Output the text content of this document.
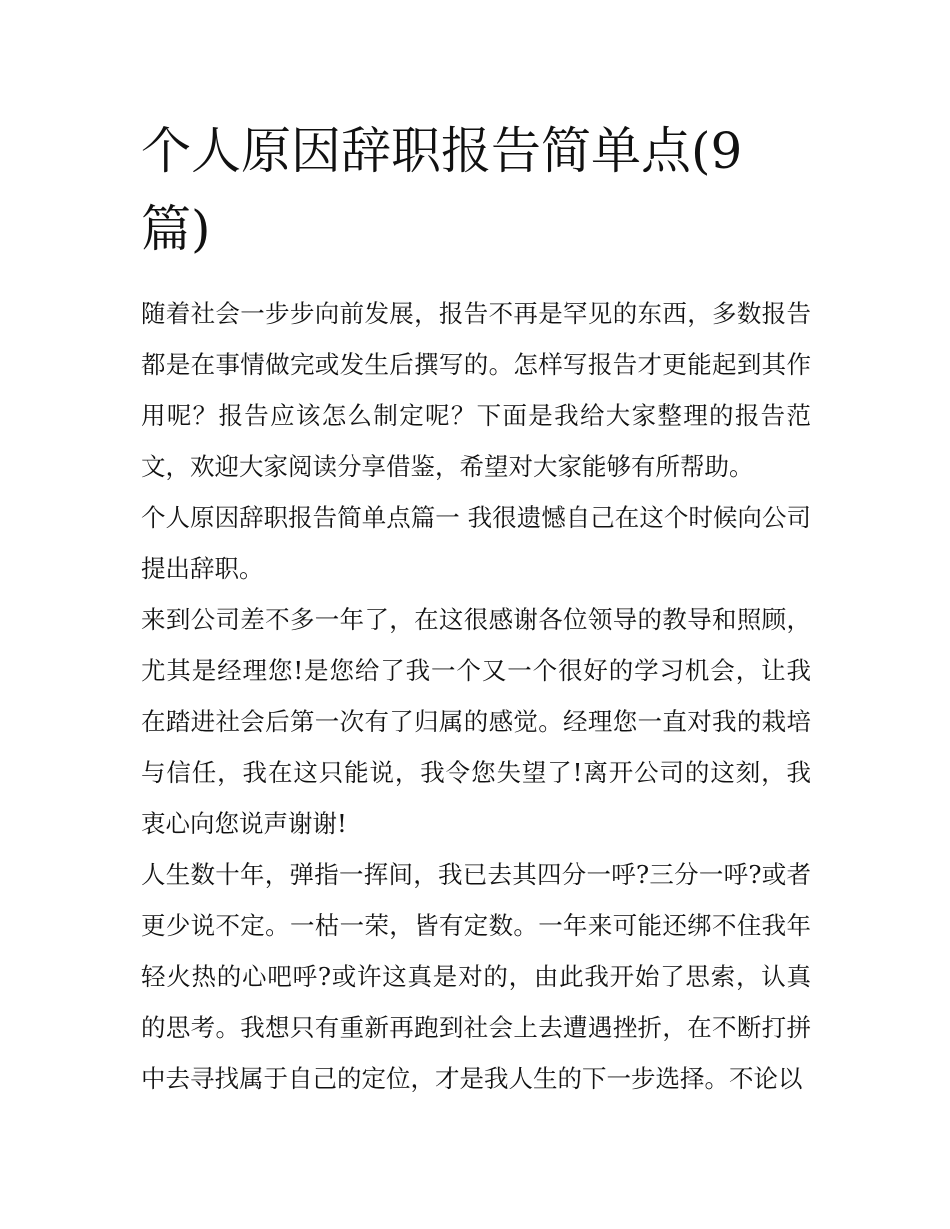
个人原因辞职报告简单点(9篇)

随着社会一步步向前发展，报告不再是罕见的东西，多数报告都是在事情做完或发生后撰写的。怎样写报告才更能起到其作用呢？报告应该怎么制定呢？下面是我给大家整理的报告范文，欢迎大家阅读分享借鉴，希望对大家能够有所帮助。

个人原因辞职报告简单点篇一 我很遗憾自己在这个时候向公司提出辞职。

来到公司差不多一年了，在这很感谢各位领导的教导和照顾，尤其是经理您!是您给了我一个又一个很好的学习机会，让我在踏进社会后第一次有了归属的感觉。经理您一直对我的栽培与信任，我在这只能说，我令您失望了!离开公司的这刻，我衷心向您说声谢谢!

人生数十年，弹指一挥间，我已去其四分一呼?三分一呼?或者更少说不定。一枯一荣，皆有定数。一年来可能还绑不住我年轻火热的心吧呼?或许这真是对的，由此我开始了思索，认真的思考。我想只有重新再跑到社会上去遭遇挫折，在不断打拼中去寻找属于自己的定位，才是我人生的下一步选择。不论以
